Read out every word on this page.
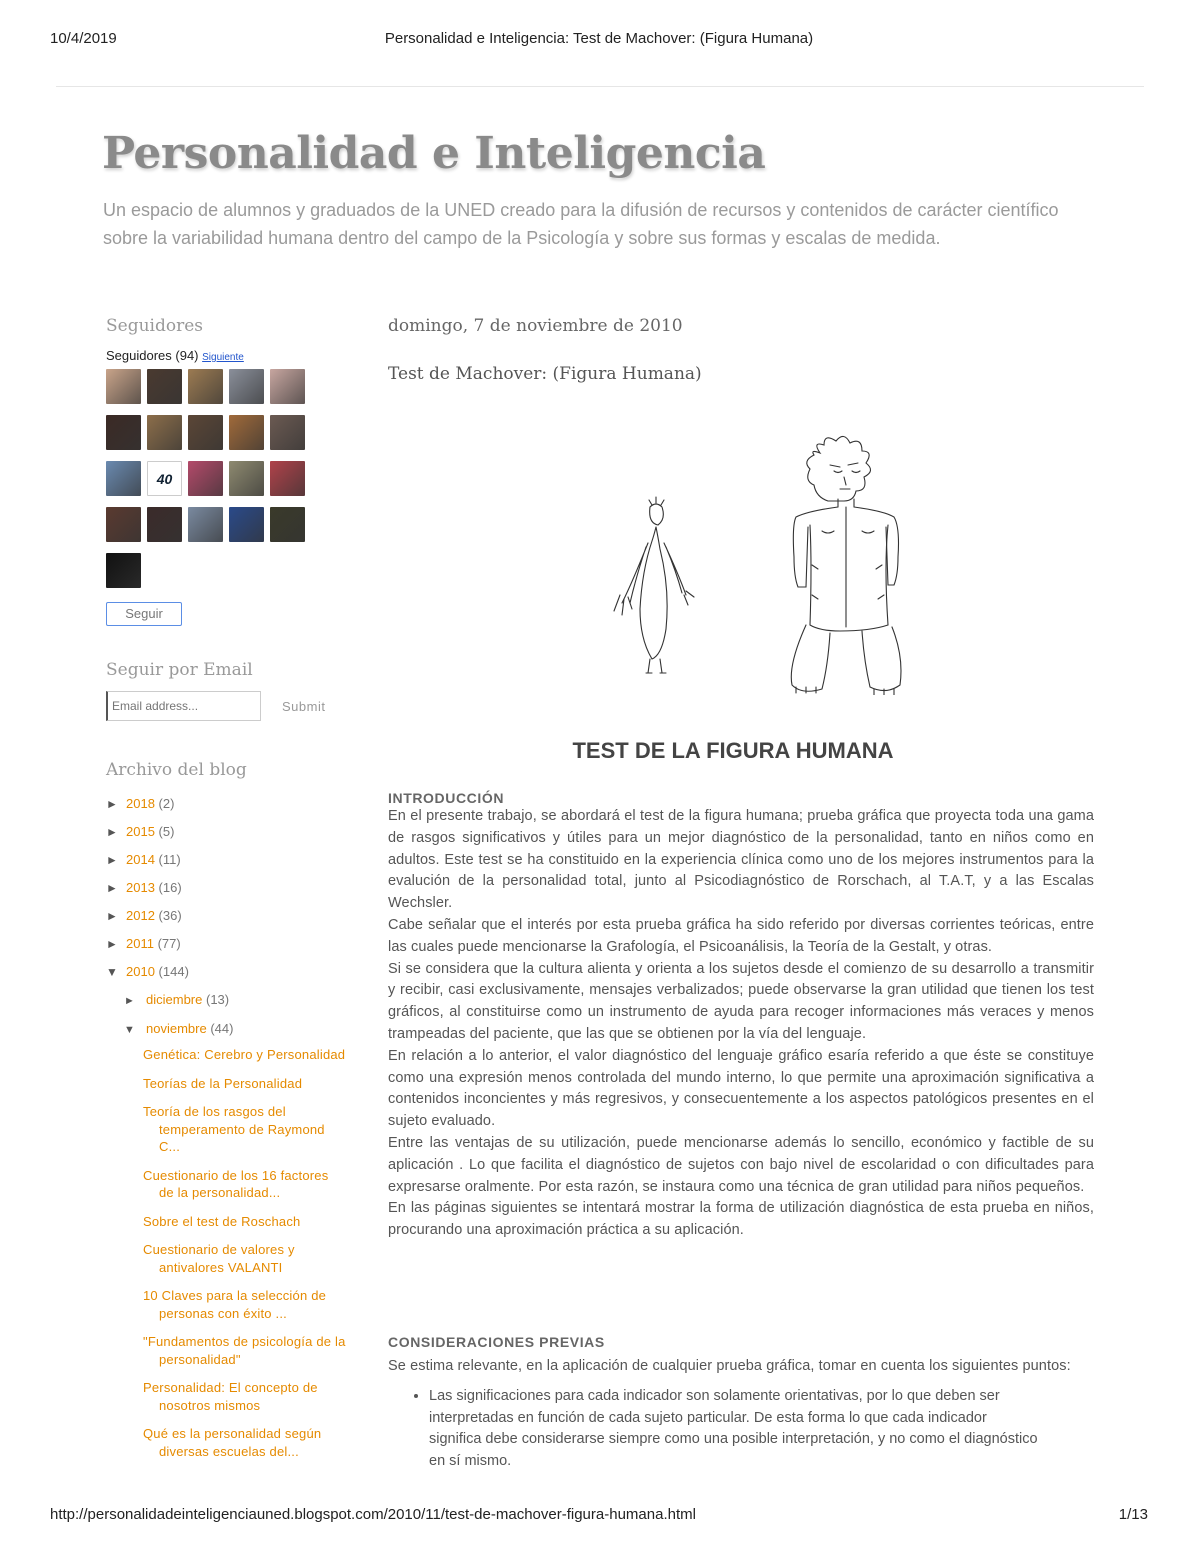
10/4/2019	Personalidad e Inteligencia: Test de Machover: (Figura Humana)
Personalidad e Inteligencia

Un espacio de alumnos y graduados de la UNED creado para la difusión de recursos y contenidos de carácter científico sobre la variabilidad humana dentro del campo de la Psicología y sobre sus formas y escalas de medida.

Seguidores
Seguidores (94) Siguiente
40
Seguir
Seguir por Email
Email address...
Submit
Archivo del blog
► 2018 (2)
► 2015 (5)
► 2014 (11)
► 2013 (16)
► 2012 (36)
► 2011 (77)
▼ 2010 (144)
► diciembre (13)
▼ noviembre (44)
Genética: Cerebro y Personalidad
Teorías de la Personalidad
Teoría de los rasgos del temperamento de Raymond C...
Cuestionario de los 16 factores de la personalidad...
Sobre el test de Roschach
Cuestionario de valores y antivalores VALANTI
10 Claves para la selección de personas con éxito ...
"Fundamentos de psicología de la personalidad"
Personalidad: El concepto de nosotros mismos
Qué es la personalidad según diversas escuelas del...
domingo, 7 de noviembre de 2010
Test de Machover: (Figura Humana)
TEST DE LA FIGURA HUMANA
INTRODUCCIÓN

En el presente trabajo, se abordará el test de la figura humana; prueba gráfica que proyecta toda una gama de rasgos significativos y útiles para un mejor diagnóstico de la personalidad, tanto en niños como en adultos. Este test se ha constituido en la experiencia clínica como uno de los mejores instrumentos para la evalución de la personalidad total, junto al Psicodiagnóstico de Rorschach, al T.A.T, y a las Escalas Wechsler.

Cabe señalar que el interés por esta prueba gráfica ha sido referido por diversas corrientes teóricas, entre las cuales puede mencionarse la Grafología, el Psicoanálisis, la Teoría de la Gestalt, y otras.

Si se considera que la cultura alienta y orienta a los sujetos desde el comienzo de su desarrollo a transmitir y recibir, casi exclusivamente, mensajes verbalizados; puede observarse la gran utilidad que tienen los test gráficos, al constituirse como un instrumento de ayuda para recoger informaciones más veraces y menos trampeadas del paciente, que las que se obtienen por la vía del lenguaje.

En relación a lo anterior, el valor diagnóstico del lenguaje gráfico esaría referido a que éste se constituye como una expresión menos controlada del mundo interno, lo que permite una aproximación significativa a contenidos inconcientes y más regresivos, y consecuentemente a los aspectos patológicos presentes en el sujeto evaluado.

Entre las ventajas de su utilización, puede mencionarse además lo sencillo, económico y factible de su aplicación . Lo que facilita el diagnóstico de sujetos con bajo nivel de escolaridad o con dificultades para expresarse oralmente. Por esta razón, se instaura como una técnica de gran utilidad para niños pequeños.

En las páginas siguientes se intentará mostrar la forma de utilización diagnóstica de esta prueba en niños, procurando una aproximación práctica a su aplicación.

CONSIDERACIONES PREVIAS
Se estima relevante, en la aplicación de cualquier prueba gráfica, tomar en cuenta los siguientes puntos:
• Las significaciones para cada indicador son solamente orientativas, por lo que deben ser interpretadas en función de cada sujeto particular. De esta forma lo que cada indicador significa debe considerarse siempre como una posible interpretación, y no como el diagnóstico en sí mismo.
http://personalidadeinteligenciauned.blogspot.com/2010/11/test-de-machover-figura-humana.html	1/13
